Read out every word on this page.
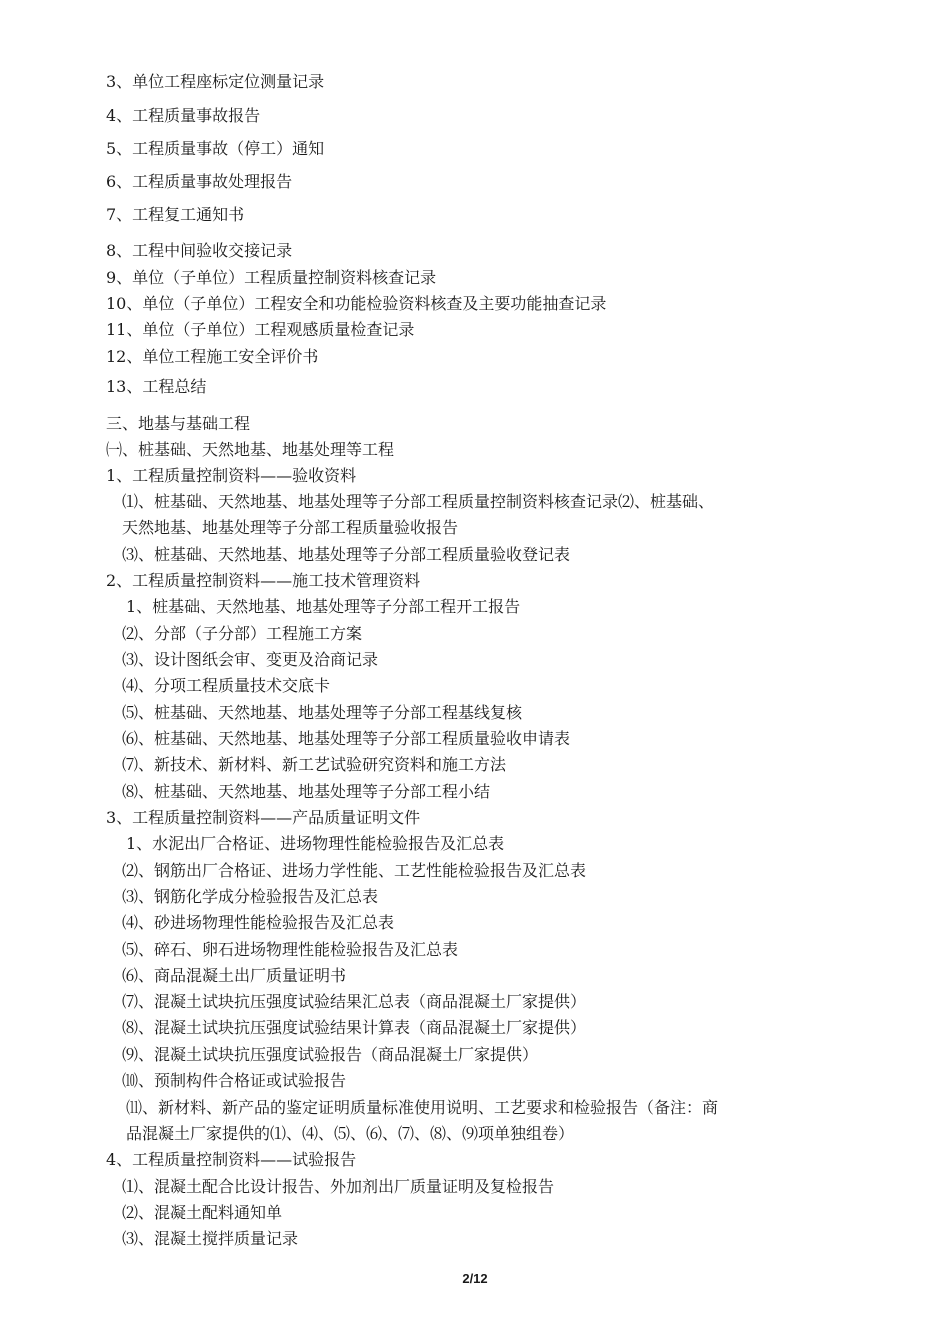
3、单位工程座标定位测量记录
4、工程质量事故报告
5、工程质量事故（停工）通知
6、工程质量事故处理报告
7、工程复工通知书
8、工程中间验收交接记录
9、单位（子单位）工程质量控制资料核查记录
10、单位（子单位）工程安全和功能检验资料核查及主要功能抽查记录
11、单位（子单位）工程观感质量检查记录
12、单位工程施工安全评价书
13、工程总结
三、地基与基础工程
㈠、桩基础、天然地基、地基处理等工程
1、工程质量控制资料——验收资料
⑴、桩基础、天然地基、地基处理等子分部工程质量控制资料核查记录⑵、桩基础、
天然地基、地基处理等子分部工程质量验收报告
⑶、桩基础、天然地基、地基处理等子分部工程质量验收登记表
2、工程质量控制资料——施工技术管理资料
1、桩基础、天然地基、地基处理等子分部工程开工报告
⑵、分部（子分部）工程施工方案
⑶、设计图纸会审、变更及洽商记录
⑷、分项工程质量技术交底卡
⑸、桩基础、天然地基、地基处理等子分部工程基线复核
⑹、桩基础、天然地基、地基处理等子分部工程质量验收申请表
⑺、新技术、新材料、新工艺试验研究资料和施工方法
⑻、桩基础、天然地基、地基处理等子分部工程小结
3、工程质量控制资料——产品质量证明文件
1、水泥出厂合格证、进场物理性能检验报告及汇总表
⑵、钢筋出厂合格证、进场力学性能、工艺性能检验报告及汇总表
⑶、钢筋化学成分检验报告及汇总表
⑷、砂进场物理性能检验报告及汇总表
⑸、碎石、卵石进场物理性能检验报告及汇总表
⑹、商品混凝土出厂质量证明书
⑺、混凝土试块抗压强度试验结果汇总表（商品混凝土厂家提供）
⑻、混凝土试块抗压强度试验结果计算表（商品混凝土厂家提供）
⑼、混凝土试块抗压强度试验报告（商品混凝土厂家提供）
⑽、预制构件合格证或试验报告
⑾、新材料、新产品的鉴定证明质量标准使用说明、工艺要求和检验报告（备注：商
品混凝土厂家提供的⑴、⑷、⑸、⑹、⑺、⑻、⑼项单独组卷）
4、工程质量控制资料——试验报告
⑴、混凝土配合比设计报告、外加剂出厂质量证明及复检报告
⑵、混凝土配料通知单
⑶、混凝土搅拌质量记录
2/12
